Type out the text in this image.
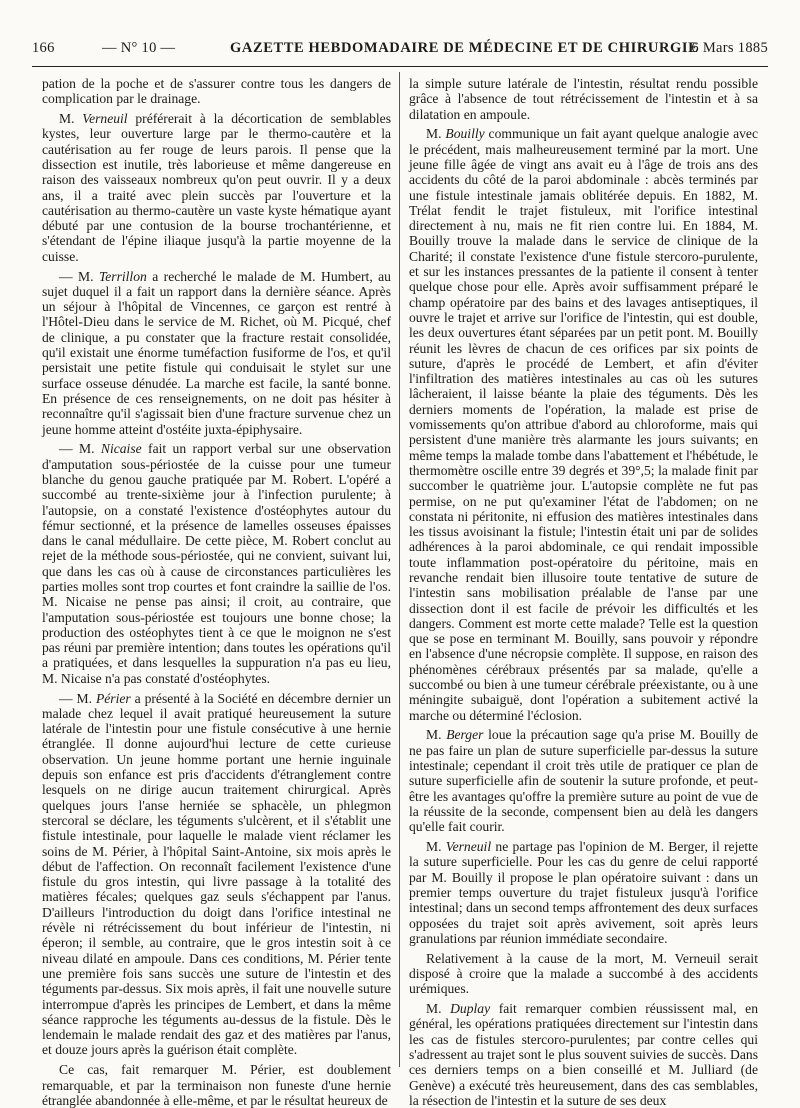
166	— N° 10 —	GAZETTE HEBDOMADAIRE DE MÉDECINE ET DE CHIRURGIE
6 Mars 1885

pation de la poche et de s'assurer contre tous les dangers de complication par le drainage.

M. Verneuil préférerait à la décortication de semblables kystes, leur ouverture large par le thermo-cautère et la cautérisation au fer rouge de leurs parois. Il pense que la dissection est inutile, très laborieuse et même dangereuse en raison des vaisseaux nombreux qu'on peut ouvrir. Il y a deux ans, il a traité avec plein succès par l'ouverture et la cautérisation au thermo-cautère un vaste kyste hématique ayant débuté par une contusion de la bourse trochantérienne, et s'étendant de l'épine iliaque jusqu'à la partie moyenne de la cuisse.

— M. Terrillon a recherché le malade de M. Humbert, au sujet duquel il a fait un rapport dans la dernière séance. Après un séjour à l'hôpital de Vincennes, ce garçon est rentré à l'Hôtel-Dieu dans le service de M. Richet, où M. Picqué, chef de clinique, a pu constater que la fracture restait consolidée, qu'il existait une énorme tuméfaction fusiforme de l'os, et qu'il persistait une petite fistule qui conduisait le stylet sur une surface osseuse dénudée. La marche est facile, la santé bonne. En présence de ces renseignements, on ne doit pas hésiter à reconnaître qu'il s'agissait bien d'une fracture survenue chez un jeune homme atteint d'ostéite juxta-épiphysaire.

— M. Nicaise fait un rapport verbal sur une observation d'amputation sous-périostée de la cuisse pour une tumeur blanche du genou gauche pratiquée par M. Robert. L'opéré a succombé au trente-sixième jour à l'infection purulente; à l'autopsie, on a constaté l'existence d'ostéophytes autour du fémur sectionné, et la présence de lamelles osseuses épaisses dans le canal médullaire. De cette pièce, M. Robert conclut au rejet de la méthode sous-périostée, qui ne convient, suivant lui, que dans les cas où à cause de circonstances particulières les parties molles sont trop courtes et font craindre la saillie de l'os. M. Nicaise ne pense pas ainsi; il croit, au contraire, que l'amputation sous-périostée est toujours une bonne chose; la production des ostéophytes tient à ce que le moignon ne s'est pas réuni par première intention; dans toutes les opérations qu'il a pratiquées, et dans lesquelles la suppuration n'a pas eu lieu, M. Nicaise n'a pas constaté d'ostéophytes.

— M. Périer a présenté à la Société en décembre dernier un malade chez lequel il avait pratiqué heureusement la suture latérale de l'intestin pour une fistule consécutive à une hernie étranglée. Il donne aujourd'hui lecture de cette curieuse observation. Un jeune homme portant une hernie inguinale depuis son enfance est pris d'accidents d'étranglement contre lesquels on ne dirige aucun traitement chirurgical. Après quelques jours l'anse herniée se sphacèle, un phlegmon stercoral se déclare, les téguments s'ulcèrent, et il s'établit une fistule intestinale, pour laquelle le malade vient réclamer les soins de M. Périer, à l'hôpital Saint-Antoine, six mois après le début de l'affection. On reconnaît facilement l'existence d'une fistule du gros intestin, qui livre passage à la totalité des matières fécales; quelques gaz seuls s'échappent par l'anus. D'ailleurs l'introduction du doigt dans l'orifice intestinal ne révèle ni rétrécissement du bout inférieur de l'intestin, ni éperon; il semble, au contraire, que le gros intestin soit à ce niveau dilaté en ampoule. Dans ces conditions, M. Périer tente une première fois sans succès une suture de l'intestin et des téguments par-dessus. Six mois après, il fait une nouvelle suture interrompue d'après les principes de Lembert, et dans la même séance rapproche les téguments au-dessus de la fistule. Dès le lendemain le malade rendait des gaz et des matières par l'anus, et douze jours après la guérison était complète.

Ce cas, fait remarquer M. Périer, est doublement remarquable, et par la terminaison non funeste d'une hernie étranglée abandonnée à elle-même, et par le résultat heureux de

la simple suture latérale de l'intestin, résultat rendu possible grâce à l'absence de tout rétrécissement de l'intestin et à sa dilatation en ampoule.

M. Bouilly communique un fait ayant quelque analogie avec le précédent, mais malheureusement terminé par la mort. Une jeune fille âgée de vingt ans avait eu à l'âge de trois ans des accidents du côté de la paroi abdominale : abcès terminés par une fistule intestinale jamais oblitérée depuis. En 1882, M. Trélat fendit le trajet fistuleux, mit l'orifice intestinal directement à nu, mais ne fit rien contre lui. En 1884, M. Bouilly trouve la malade dans le service de clinique de la Charité; il constate l'existence d'une fistule stercoro-purulente, et sur les instances pressantes de la patiente il consent à tenter quelque chose pour elle. Après avoir suffisamment préparé le champ opératoire par des bains et des lavages antiseptiques, il ouvre le trajet et arrive sur l'orifice de l'intestin, qui est double, les deux ouvertures étant séparées par un petit pont. M. Bouilly réunit les lèvres de chacun de ces orifices par six points de suture, d'après le procédé de Lembert, et afin d'éviter l'infiltration des matières intestinales au cas où les sutures lâcheraient, il laisse béante la plaie des téguments. Dès les derniers moments de l'opération, la malade est prise de vomissements qu'on attribue d'abord au chloroforme, mais qui persistent d'une manière très alarmante les jours suivants; en même temps la malade tombe dans l'abattement et l'hébétude, le thermomètre oscille entre 39 degrés et 39°,5; la malade finit par succomber le quatrième jour. L'autopsie complète ne fut pas permise, on ne put qu'examiner l'état de l'abdomen; on ne constata ni péritonite, ni effusion des matières intestinales dans les tissus avoisinant la fistule; l'intestin était uni par de solides adhérences à la paroi abdominale, ce qui rendait impossible toute inflammation post-opératoire du péritoine, mais en revanche rendait bien illusoire toute tentative de suture de l'intestin sans mobilisation préalable de l'anse par une dissection dont il est facile de prévoir les difficultés et les dangers. Comment est morte cette malade? Telle est la question que se pose en terminant M. Bouilly, sans pouvoir y répondre en l'absence d'une nécropsie complète. Il suppose, en raison des phénomènes cérébraux présentés par sa malade, qu'elle a succombé ou bien à une tumeur cérébrale préexistante, ou à une méningite subaiguë, dont l'opération a subitement activé la marche ou déterminé l'éclosion.

M. Berger loue la précaution sage qu'a prise M. Bouilly de ne pas faire un plan de suture superficielle par-dessus la suture intestinale; cependant il croit très utile de pratiquer ce plan de suture superficielle afin de soutenir la suture profonde, et peut-être les avantages qu'offre la première suture au point de vue de la réussite de la seconde, compensent bien au delà les dangers qu'elle fait courir.

M. Verneuil ne partage pas l'opinion de M. Berger, il rejette la suture superficielle. Pour les cas du genre de celui rapporté par M. Bouilly il propose le plan opératoire suivant : dans un premier temps ouverture du trajet fistuleux jusqu'à l'orifice intestinal; dans un second temps affrontement des deux surfaces opposées du trajet soit après avivement, soit après leurs granulations par réunion immédiate secondaire.

Relativement à la cause de la mort, M. Verneuil serait disposé à croire que la malade a succombé à des accidents urémiques.

M. Duplay fait remarquer combien réussissent mal, en général, les opérations pratiquées directement sur l'intestin dans les cas de fistules stercoro-purulentes; par contre celles qui s'adressent au trajet sont le plus souvent suivies de succès. Dans ces derniers temps on a bien conseillé et M. Julliard (de Genève) a exécuté très heureusement, dans des cas semblables, la résection de l'intestin et la suture de ses deux
